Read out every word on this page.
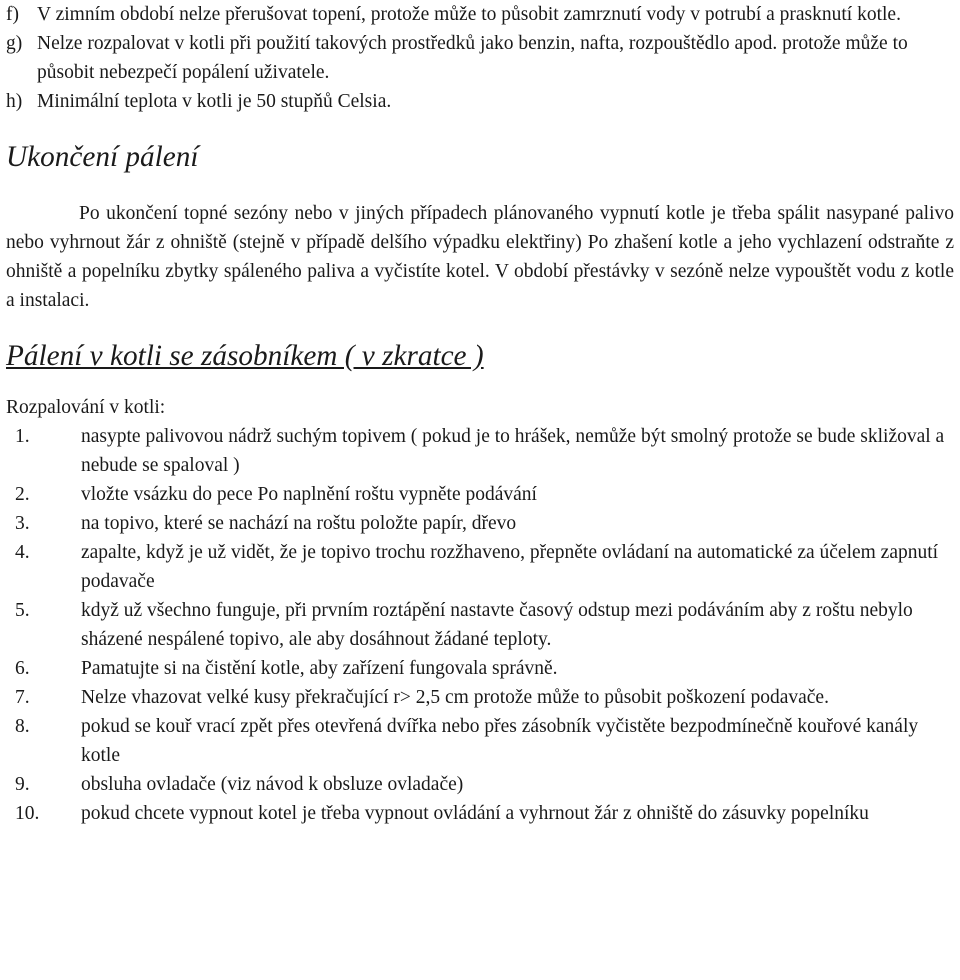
f) V zimním období nelze přerušovat topení, protože může to působit zamrznutí vody v potrubí a prasknutí kotle.
g) Nelze rozpalovat v kotli při použití takových prostředků jako benzin, nafta, rozpouštědlo apod. protože může to působit nebezpečí popálení uživatele.
h) Minimální teplota v kotli je 50 stupňů Celsia.
Ukončení pálení

Po ukončení topné sezóny nebo v jiných případech plánovaného vypnutí kotle je třeba spálit nasypané palivo nebo vyhrnout žár z ohniště (stejně v případě delšího výpadku elektřiny) Po zhašení kotle a jeho vychlazení odstraňte z ohniště a popelníku zbytky spáleného paliva a vyčistíte kotel. V období přestávky v sezóně nelze vypouštět vodu z kotle a instalaci.

Pálení v kotli se zásobníkem ( v zkratce )
Rozpalování v kotli:
1.	nasypte palivovou nádrž suchým topivem ( pokud je to hrášek, nemůže být smolný protože se bude skližoval a nebude se spaloval )
2.	vložte vsázku do pece Po naplnění roštu vypněte podávání
3.	na topivo, které se nachází na roštu položte papír, dřevo
4.	zapalte, když je už vidět, že je topivo trochu rozžhaveno, přepněte ovládaní na automatické za účelem zapnutí podavače
5.	když už všechno funguje, při prvním roztápění nastavte časový odstup mezi podáváním aby z roštu nebylo sházené nespálené topivo, ale aby dosáhnout žádané teploty.
6.	Pamatujte si na čistění kotle, aby zařízení fungovala správně.
7.	Nelze vhazovat velké kusy překračující r> 2,5 cm protože může to působit poškození podavače.
8.	pokud se kouř vrací zpět přes otevřená dvířka nebo přes zásobník vyčistěte bezpodmínečně kouřové kanály kotle
9.	obsluha ovladače (viz návod k obsluze ovladače)
10.	pokud chcete vypnout kotel je třeba vypnout ovládání a vyhrnout žár z ohniště do zásuvky popelníku
